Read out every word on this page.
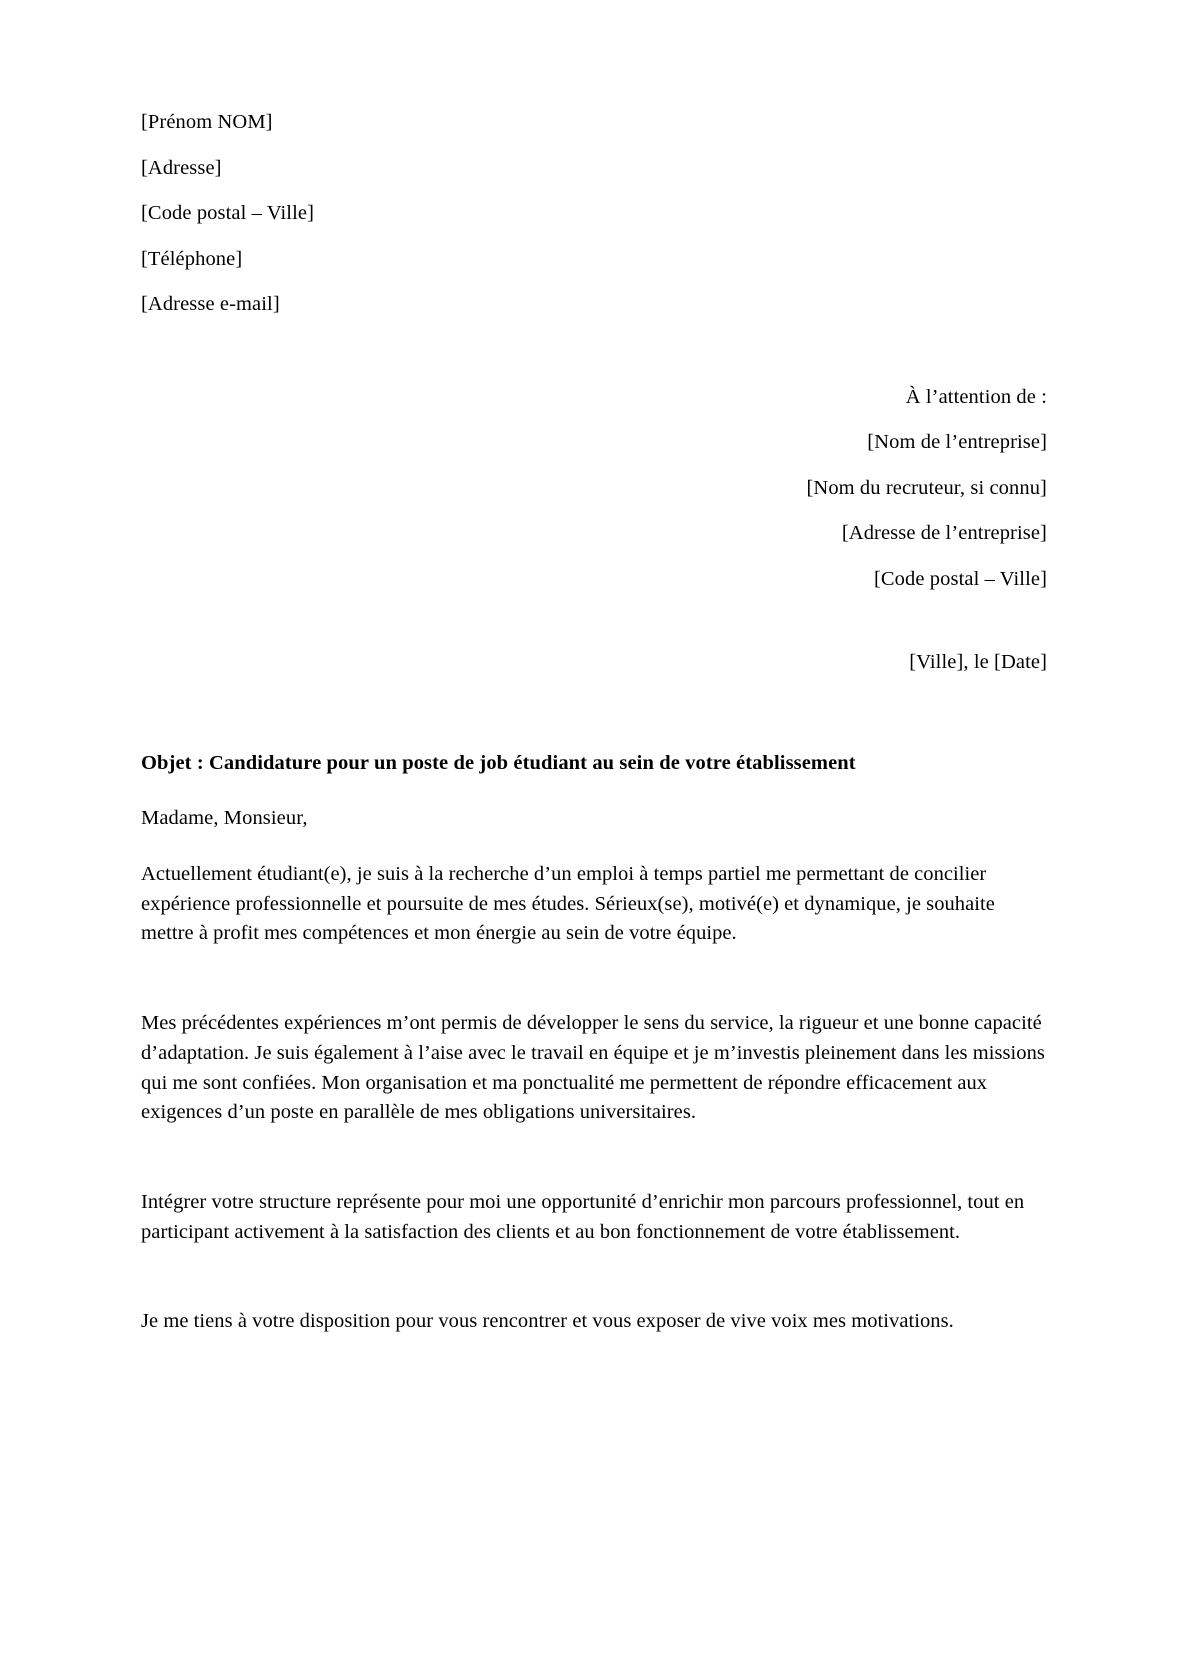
[Prénom NOM]

[Adresse]

[Code postal – Ville]

[Téléphone]

[Adresse e-mail]

À l’attention de :

[Nom de l’entreprise]

[Nom du recruteur, si connu]

[Adresse de l’entreprise]

[Code postal – Ville]

[Ville], le [Date]

Objet : Candidature pour un poste de job étudiant au sein de votre établissement

Madame, Monsieur,

Actuellement étudiant(e), je suis à la recherche d’un emploi à temps partiel me permettant de concilier expérience professionnelle et poursuite de mes études. Sérieux(se), motivé(e) et dynamique, je souhaite mettre à profit mes compétences et mon énergie au sein de votre équipe.

Mes précédentes expériences m’ont permis de développer le sens du service, la rigueur et une bonne capacité d’adaptation. Je suis également à l’aise avec le travail en équipe et je m’investis pleinement dans les missions qui me sont confiées. Mon organisation et ma ponctualité me permettent de répondre efficacement aux exigences d’un poste en parallèle de mes obligations universitaires.

Intégrer votre structure représente pour moi une opportunité d’enrichir mon parcours professionnel, tout en participant activement à la satisfaction des clients et au bon fonctionnement de votre établissement.

Je me tiens à votre disposition pour vous rencontrer et vous exposer de vive voix mes motivations.
